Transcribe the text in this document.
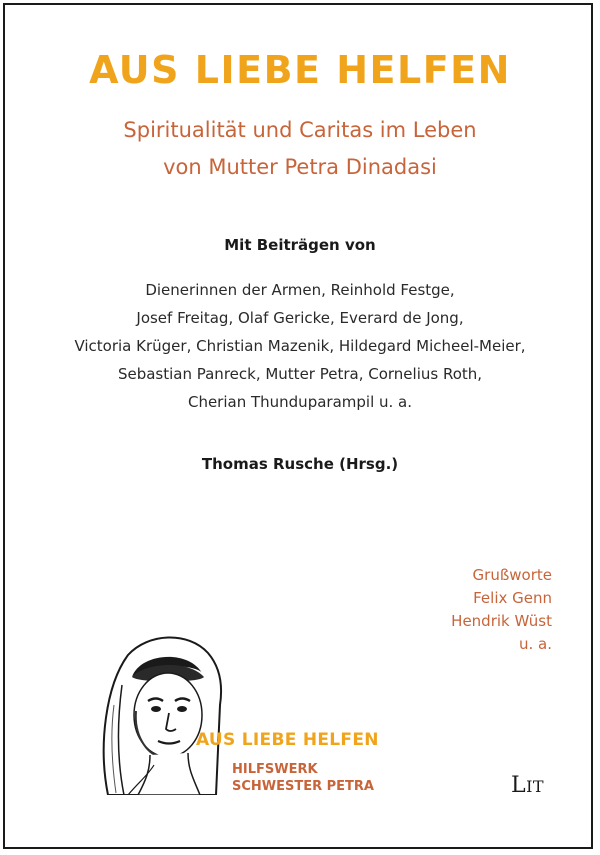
AUS LIEBE HELFEN
Spiritualität und Caritas im Leben
von Mutter Petra Dinadasi
Mit Beiträgen von
Dienerinnen der Armen, Reinhold Festge,
Josef Freitag, Olaf Gericke, Everard de Jong,
Victoria Krüger, Christian Mazenik, Hildegard Micheel-Meier,
Sebastian Panreck, Mutter Petra, Cornelius Roth,
Cherian Thunduparampil u. a.
Thomas Rusche (Hrsg.)
Grußworte
Felix Genn
Hendrik Wüst
u. a.
AUS LIEBE HELFEN
HILFSWERK
SCHWESTER PETRA	LIT
